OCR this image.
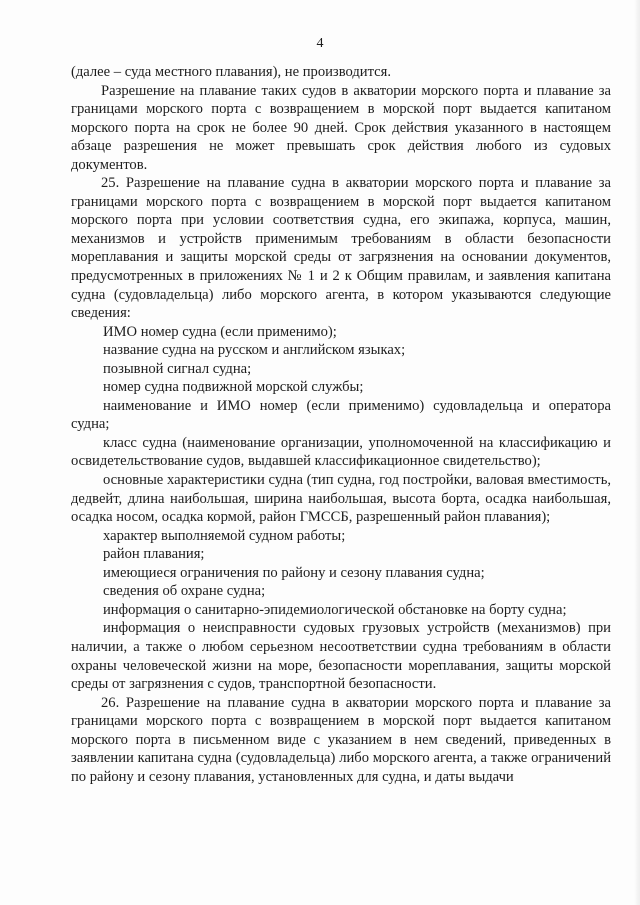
4

(далее – суда местного плавания), не производится.

Разрешение на плавание таких судов в акватории морского порта и плавание за границами морского порта с возвращением в морской порт выдается капитаном морского порта на срок не более 90 дней. Срок действия указанного в настоящем абзаце разрешения не может превышать срок действия любого из судовых документов.

25. Разрешение на плавание судна в акватории морского порта и плавание за границами морского порта с возвращением в морской порт выдается капитаном морского порта при условии соответствия судна, его экипажа, корпуса, машин, механизмов и устройств применимым требованиям в области безопасности мореплавания и защиты морской среды от загрязнения на основании документов, предусмотренных в приложениях № 1 и 2 к Общим правилам, и заявления капитана судна (судовладельца) либо морского агента, в котором указываются следующие сведения:

ИМО номер судна (если применимо);

название судна на русском и английском языках;

позывной сигнал судна;

номер судна подвижной морской службы;

наименование и ИМО номер (если применимо) судовладельца и оператора судна;

класс судна (наименование организации, уполномоченной на классификацию и освидетельствование судов, выдавшей классификационное свидетельство);

основные характеристики судна (тип судна, год постройки, валовая вместимость, дедвейт, длина наибольшая, ширина наибольшая, высота борта, осадка наибольшая, осадка носом, осадка кормой, район ГМССБ, разрешенный район плавания);

характер выполняемой судном работы;

район плавания;

имеющиеся ограничения по району и сезону плавания судна;

сведения об охране судна;

информация о санитарно-эпидемиологической обстановке на борту судна;

информация о неисправности судовых грузовых устройств (механизмов) при наличии, а также о любом серьезном несоответствии судна требованиям в области охраны человеческой жизни на море, безопасности мореплавания, защиты морской среды от загрязнения с судов, транспортной безопасности.

26. Разрешение на плавание судна в акватории морского порта и плавание за границами морского порта с возвращением в морской порт выдается капитаном морского порта в письменном виде с указанием в нем сведений, приведенных в заявлении капитана судна (судовладельца) либо морского агента, а также ограничений по району и сезону плавания, установленных для судна, и даты выдачи
